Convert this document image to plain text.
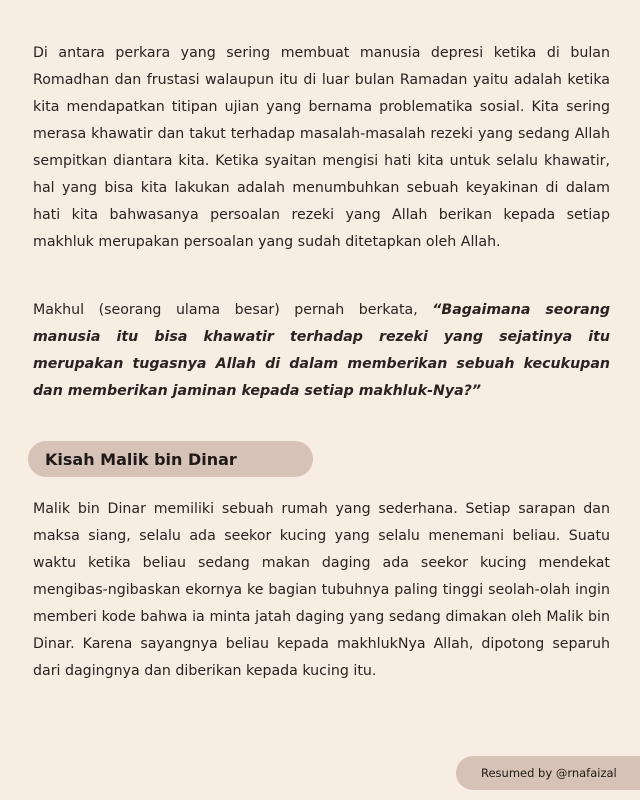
Di antara perkara yang sering membuat manusia depresi ketika di bulan Romadhan dan frustasi walaupun itu di luar bulan Ramadan yaitu adalah ketika kita mendapatkan titipan ujian yang bernama problematika sosial. Kita sering merasa khawatir dan takut terhadap masalah-masalah rezeki yang sedang Allah sempitkan diantara kita. Ketika syaitan mengisi hati kita untuk selalu khawatir, hal yang bisa kita lakukan adalah menumbuhkan sebuah keyakinan di dalam hati kita bahwasanya persoalan rezeki yang Allah berikan kepada setiap makhluk merupakan persoalan yang sudah ditetapkan oleh Allah.

Makhul (seorang ulama besar) pernah berkata, “Bagaimana seorang manusia itu bisa khawatir terhadap rezeki yang sejatinya itu merupakan tugasnya Allah di dalam memberikan sebuah kecukupan dan memberikan jaminan kepada setiap makhluk-Nya?”

Kisah Malik bin Dinar

Malik bin Dinar memiliki sebuah rumah yang sederhana. Setiap sarapan dan maksa siang, selalu ada seekor kucing yang selalu menemani beliau. Suatu waktu ketika beliau sedang makan daging ada seekor kucing mendekat mengibas-ngibaskan ekornya ke bagian tubuhnya paling tinggi seolah-olah ingin memberi kode bahwa ia minta jatah daging yang sedang dimakan oleh Malik bin Dinar. Karena sayangnya beliau kepada makhlukNya Allah, dipotong separuh dari dagingnya dan diberikan kepada kucing itu.

Resumed by @rnafaizal
